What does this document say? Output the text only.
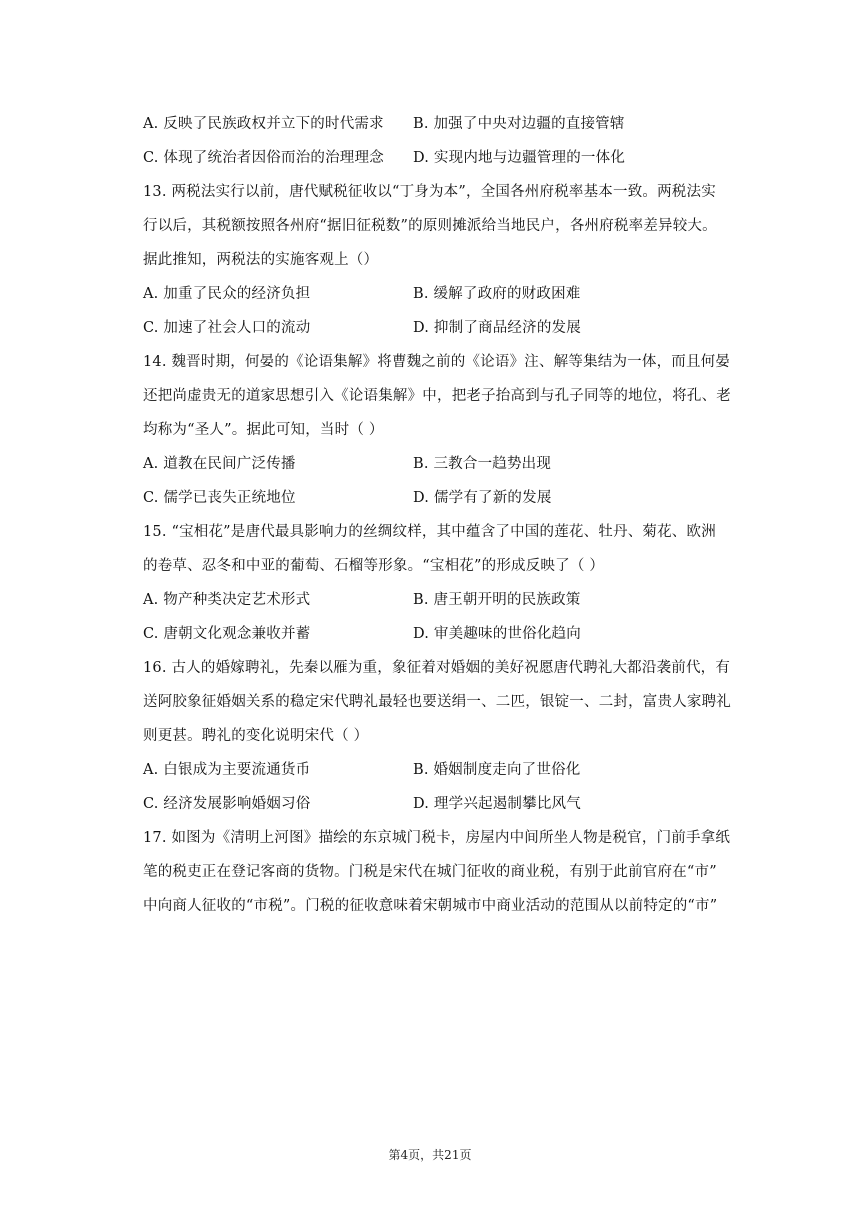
A. 反映了民族政权并立下的时代需求	B. 加强了中央对边疆的直接管辖
C. 体现了统治者因俗而治的治理理念	D. 实现内地与边疆管理的一体化
13. 两税法实行以前，唐代赋税征收以“丁身为本”，全国各州府税率基本一致。两税法实
行以后，其税额按照各州府“据旧征税数”的原则摊派给当地民户，各州府税率差异较大。
据此推知，两税法的实施客观上（）
A. 加重了民众的经济负担	B. 缓解了政府的财政困难
C. 加速了社会人口的流动	D. 抑制了商品经济的发展
14. 魏晋时期，何晏的《论语集解》将曹魏之前的《论语》注、解等集结为一体，而且何晏
还把尚虚贵无的道家思想引入《论语集解》中，把老子抬高到与孔子同等的地位，将孔、老
均称为“圣人”。据此可知，当时（ ）
A. 道教在民间广泛传播	B. 三教合一趋势出现
C. 儒学已丧失正统地位	D. 儒学有了新的发展
15. “宝相花”是唐代最具影响力的丝绸纹样，其中蕴含了中国的莲花、牡丹、菊花、欧洲
的卷草、忍冬和中亚的葡萄、石榴等形象。“宝相花”的形成反映了（ ）
A. 物产种类决定艺术形式	B. 唐王朝开明的民族政策
C. 唐朝文化观念兼收并蓄	D. 审美趣味的世俗化趋向
16. 古人的婚嫁聘礼，先秦以雁为重，象征着对婚姻的美好祝愿唐代聘礼大都沿袭前代，有
送阿胶象征婚姻关系的稳定宋代聘礼最轻也要送绢一、二匹，银锭一、二封，富贵人家聘礼
则更甚。聘礼的变化说明宋代（ ）
A. 白银成为主要流通货币	B. 婚姻制度走向了世俗化
C. 经济发展影响婚姻习俗	D. 理学兴起遏制攀比风气
17. 如图为《清明上河图》描绘的东京城门税卡，房屋内中间所坐人物是税官，门前手拿纸
笔的税吏正在登记客商的货物。门税是宋代在城门征收的商业税，有别于此前官府在“市”
中向商人征收的“市税”。门税的征收意味着宋朝城市中商业活动的范围从以前特定的“市”
第4页，共21页
